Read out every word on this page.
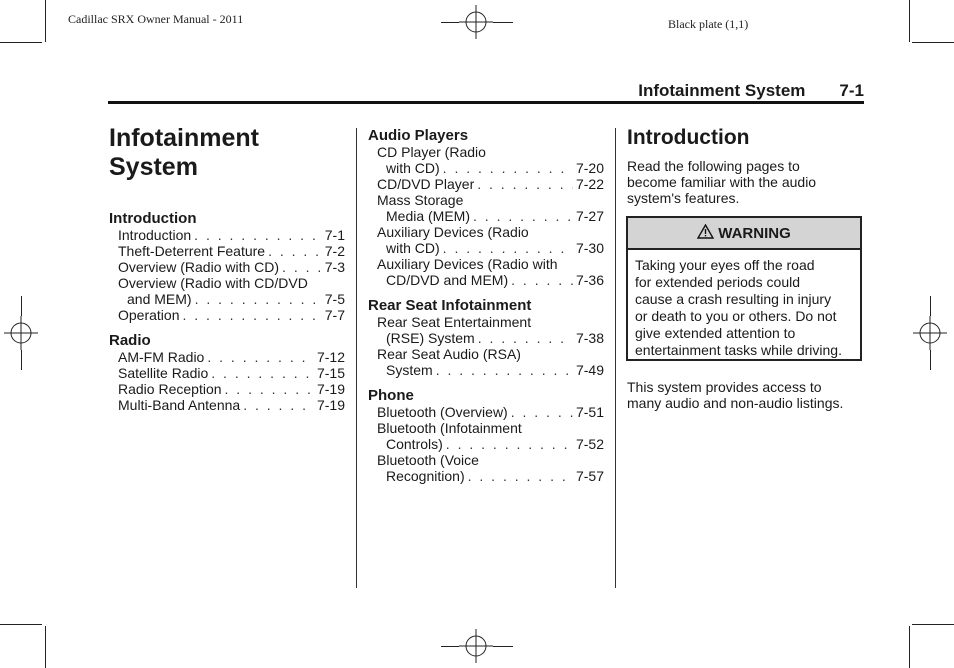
Cadillac SRX Owner Manual - 2011	Black plate (1,1)
Infotainment System 7-1
Infotainment System
Introduction
Introduction . . .	7-1
Theft-Deterrent Feature . . .	7-2
Overview (Radio with CD) . . .	7-3
Overview (Radio with CD/DVD
and MEM) . . .	7-5
Operation . . .	7-7
Radio
AM-FM Radio . . .	7-12
Satellite Radio . . .	7-15
Radio Reception . . .	7-19
Multi-Band Antenna . . .	7-19
Audio Players
CD Player (Radio
with CD) . . .	7-20
CD/DVD Player . . .	7-22
Mass Storage
Media (MEM) . . .	7-27
Auxiliary Devices (Radio
with CD) . . .	7-30
Auxiliary Devices (Radio with
CD/DVD and MEM) . . .	7-36
Rear Seat Infotainment
Rear Seat Entertainment
(RSE) System . . .	7-38
Rear Seat Audio (RSA)
System . . .	7-49
Phone
Bluetooth (Overview) . . .	7-51
Bluetooth (Infotainment
Controls) . . .	7-52
Bluetooth (Voice
Recognition) . . .	7-57
Introduction
Read the following pages to
become familiar with the audio
system's features.
WARNING
Taking your eyes off the road
for extended periods could
cause a crash resulting in injury
or death to you or others. Do not
give extended attention to
entertainment tasks while driving.
This system provides access to
many audio and non-audio listings.
